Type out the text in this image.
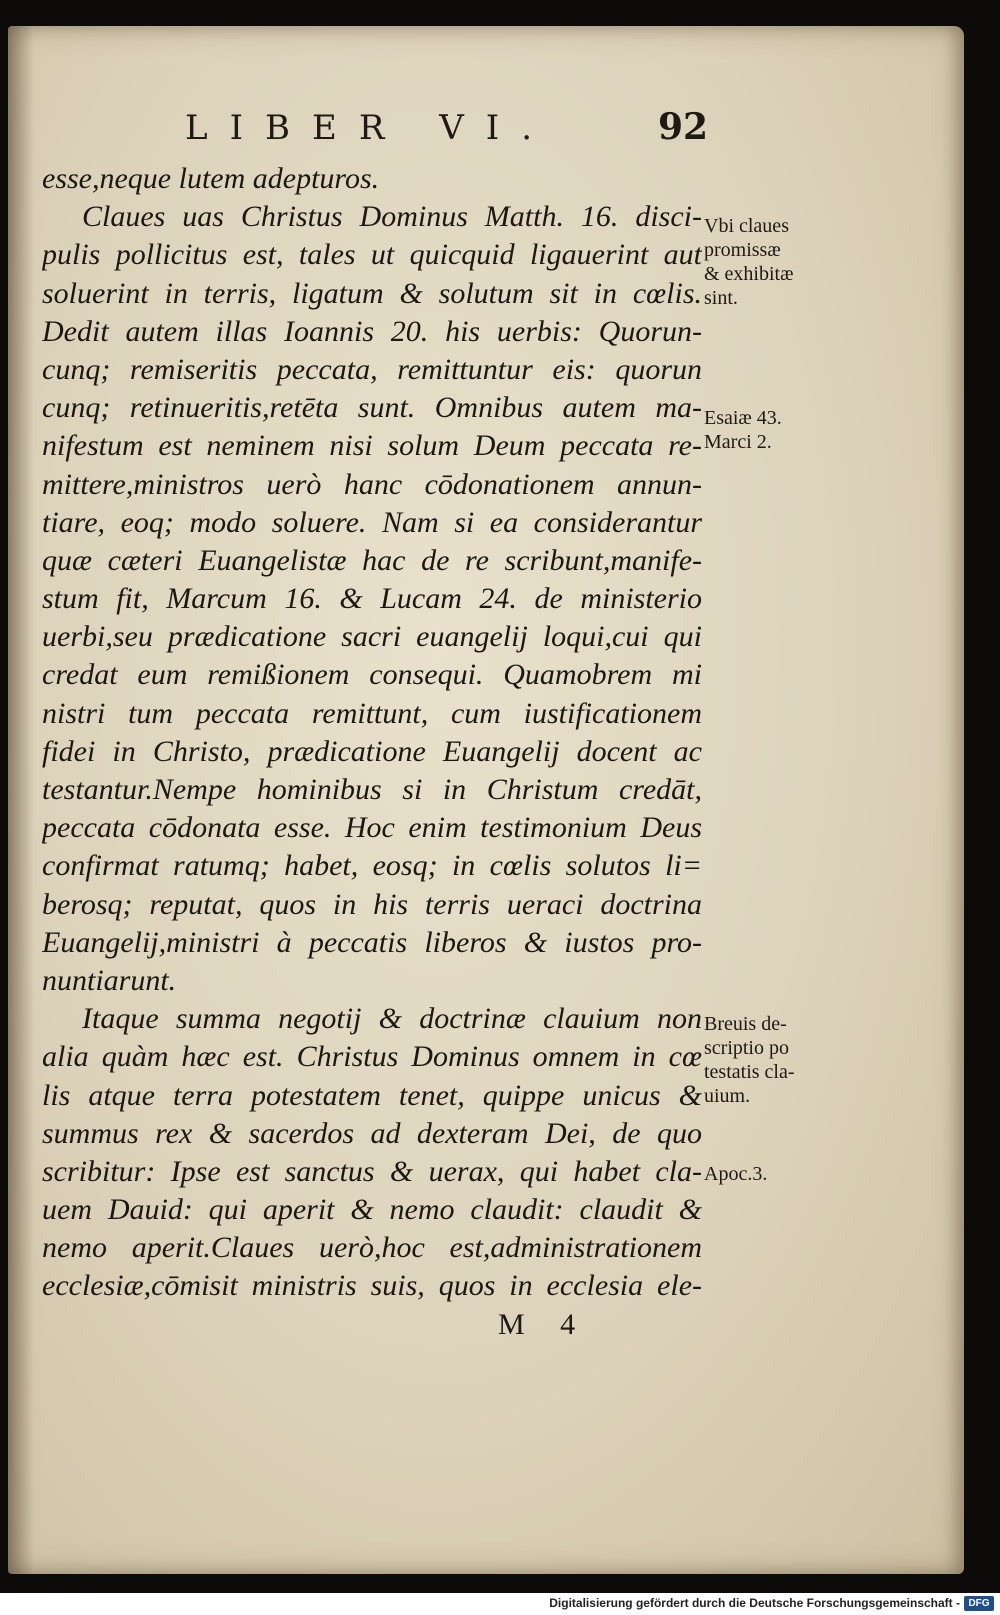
LIBER VI.	92
esse,neque lutem adepturos.
Claues uas Christus Dominus Matth. 16. disci-
pulis pollicitus est, tales ut quicquid ligauerint aut
soluerint in terris, ligatum & solutum sit in cœlis.
Dedit autem illas Ioannis 20. his uerbis: Quorun-
cunq; remiseritis peccata, remittuntur eis: quorun
cunq; retinueritis,retēta sunt. Omnibus autem ma-
nifestum est neminem nisi solum Deum peccata re-
mittere,ministros uerò hanc cōdonationem annun-
tiare, eoq; modo soluere. Nam si ea considerantur
quæ cæteri Euangelistæ hac de re scribunt,manife-
stum fit, Marcum 16. & Lucam 24. de ministerio
uerbi,seu prædicatione sacri euangelij loqui,cui qui
credat eum remißionem consequi. Quamobrem mi
nistri tum peccata remittunt, cum iustificationem
fidei in Christo, prædicatione Euangelij docent ac
testantur.Nempe hominibus si in Christum credāt,
peccata cōdonata esse. Hoc enim testimonium Deus
confirmat ratumq; habet, eosq; in cœlis solutos li=
berosq; reputat, quos in his terris ueraci doctrina
Euangelij,ministri à peccatis liberos & iustos pro-
nuntiarunt.
Itaque summa negotij & doctrinæ clauium non
alia quàm hæc est. Christus Dominus omnem in cœ
lis atque terra potestatem tenet, quippe unicus &
summus rex & sacerdos ad dexteram Dei, de quo
scribitur: Ipse est sanctus & uerax, qui habet cla-
uem Dauid: qui aperit & nemo claudit: claudit &
nemo aperit.Claues uerò,hoc est,administrationem
ecclesiæ,cōmisit ministris suis, quos in ecclesia ele-
Vbi claues
promissæ
& exhibitæ
sint.
Esaiæ 43.
Marci 2.
Breuis de-
scriptio po
testatis cla-
uium.
Apoc.3.
M 4
Digitalisierung gefördert durch die Deutsche Forschungsgemeinschaft - DFG
